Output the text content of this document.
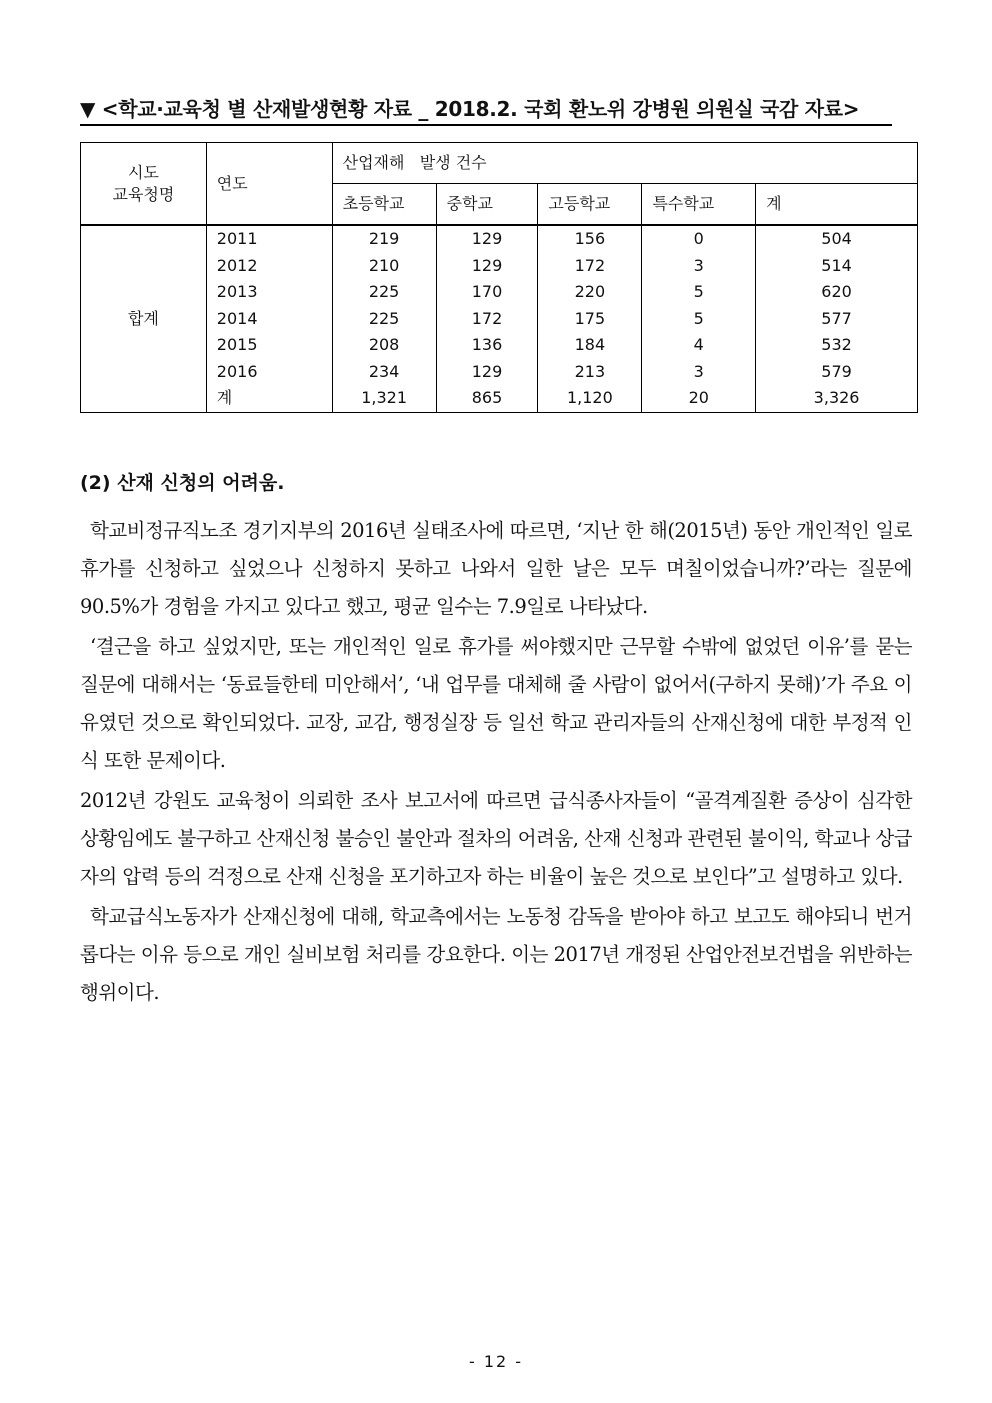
▼ <학교·교육청 별 산재발생현황 자료 _ 2018.2. 국회 환노위 강병원 의원실 국감 자료>
시도
교육청명	연도	산업재해   발생 건수				
		초등학교	중학교	고등학교	특수학교	계
합계	2011	219	129	156	0	504
	2012	210	129	172	3	514
	2013	225	170	220	5	620
	2014	225	172	175	5	577
	2015	208	136	184	4	532
	2016	234	129	213	3	579
	계	1,321	865	1,120	20	3,326
(2) 산재 신청의 어려움.

학교비정규직노조 경기지부의 2016년 실태조사에 따르면, ‘지난 한 해(2015년) 동안 개인적인 일로 휴가를 신청하고 싶었으나 신청하지 못하고 나와서 일한 날은 모두 며칠이었습니까?’라는 질문에 90.5%가 경험을 가지고 있다고 했고, 평균 일수는 7.9일로 나타났다.

‘결근을 하고 싶었지만, 또는 개인적인 일로 휴가를 써야했지만 근무할 수밖에 없었던 이유’를 묻는 질문에 대해서는 ‘동료들한테 미안해서’, ‘내 업무를 대체해 줄 사람이 없어서(구하지 못해)’가 주요 이유였던 것으로 확인되었다. 교장, 교감, 행정실장 등 일선 학교 관리자들의 산재신청에 대한 부정적 인식 또한 문제이다.

2012년 강원도 교육청이 의뢰한 조사 보고서에 따르면 급식종사자들이 “골격계질환 증상이 심각한 상황임에도 불구하고 산재신청 불승인 불안과 절차의 어려움, 산재 신청과 관련된 불이익, 학교나 상급자의 압력 등의 걱정으로 산재 신청을 포기하고자 하는 비율이 높은 것으로 보인다”고 설명하고 있다.

학교급식노동자가 산재신청에 대해, 학교측에서는 노동청 감독을 받아야 하고 보고도 해야되니 번거롭다는 이유 등으로 개인 실비보험 처리를 강요한다. 이는 2017년 개정된 산업안전보건법을 위반하는 행위이다.

- 12 -
